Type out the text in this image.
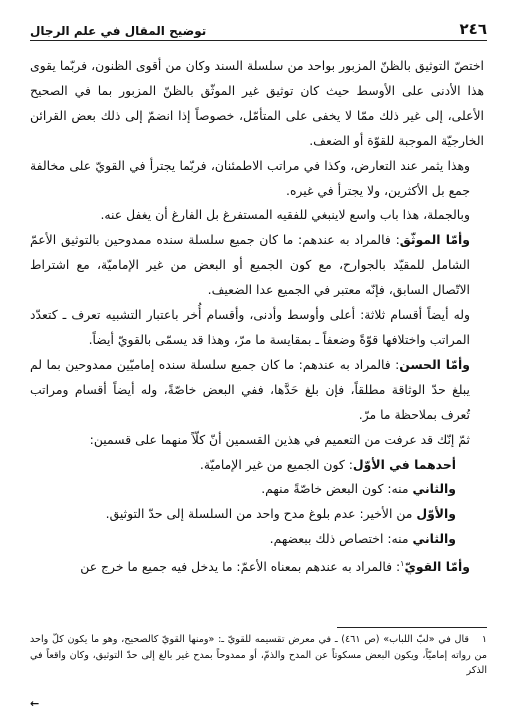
٢٤٦
توضيح المقال في علم الرجال

اختصّ التوثيق بالظنّ المزبور بواحد من سلسلة السند وكان من أقوى الظنون، فربّما يقوى هذا الأدنى على الأوسط حيث كان توثيق غير الموثّق بالظنّ المزبور بما في الصحيح الأعلى، إلى غير ذلك ممّا لا يخفى على المتأمّل، خصوصاً إذا انضمّ إلى ذلك بعض القرائن الخارجيّة الموجبة للقوّة أو الضعف.

وهذا يثمر عند التعارض، وكذا في مراتب الاطمئنان، فربّما يجترأ في القويّ على مخالفة جمع بل الأكثرين، ولا يجترأ في غيره.

وبالجملة، هذا باب واسع لاينبغي للفقيه المستفرغ بل الفارغ أن يغفل عنه.

وأمّا الموثّق: فالمراد به عندهم: ما كان جميع سلسلة سنده ممدوحين بالتوثيق الأعمّ الشامل للمقيّد بالجوارح، مع كون الجميع أو البعض من غير الإماميّة، مع اشتراط الاتّصال السابق، فإنّه معتبر في الجميع عدا الضعيف.

وله أيضاً أقسام ثلاثة: أعلى وأوسط وأدنى، وأقسام أُخر باعتبار التشبيه تعرف ـ كتعدّد المراتب واختلافها قوّةً وضعفاً ـ بمقايسة ما مرّ، وهذا قد يسمّى بالقويّ أيضاً.

وأمّا الحسن: فالمراد به عندهم: ما كان جميع سلسلة سنده إماميّين ممدوحين بما لم يبلغ حدّ الوثاقة مطلقاً، فإن بلغ حَدَّها، ففي البعض خاصّةً، وله أيضاً أقسام ومراتب تُعرف بملاحظة ما مرّ.

ثمّ إنّك قد عرفت من التعميم في هذين القسمين أنّ كلّاً منهما على قسمين:

أحدهما في الأوّل: كون الجميع من غير الإماميّة.

والثاني منه: كون البعض خاصّةً منهم.

والأوّل من الأخير: عدم بلوغ مدح واحد من السلسلة إلى حدّ التوثيق.

والثاني منه: اختصاص ذلك ببعضهم.

وأمّا القويّ$^١$: فالمراد به عندهم بمعناه الأعمّ: ما يدخل فيه جميع ما خرج عن

١قال في «لبّ اللباب» (ص ٤٦١) ـ في معرض تقسيمه للقويّ ـ: «ومنها القويّ كالصحيح، وهو ما يكون كلّ واحد من رواته إماميّاً، ويكون البعض مسكوتاً عن المدح والذمّ، أو ممدوحاً بمدح غير بالغ إلى حدّ التوثيق، وكان واقعاً في الذكر

←
